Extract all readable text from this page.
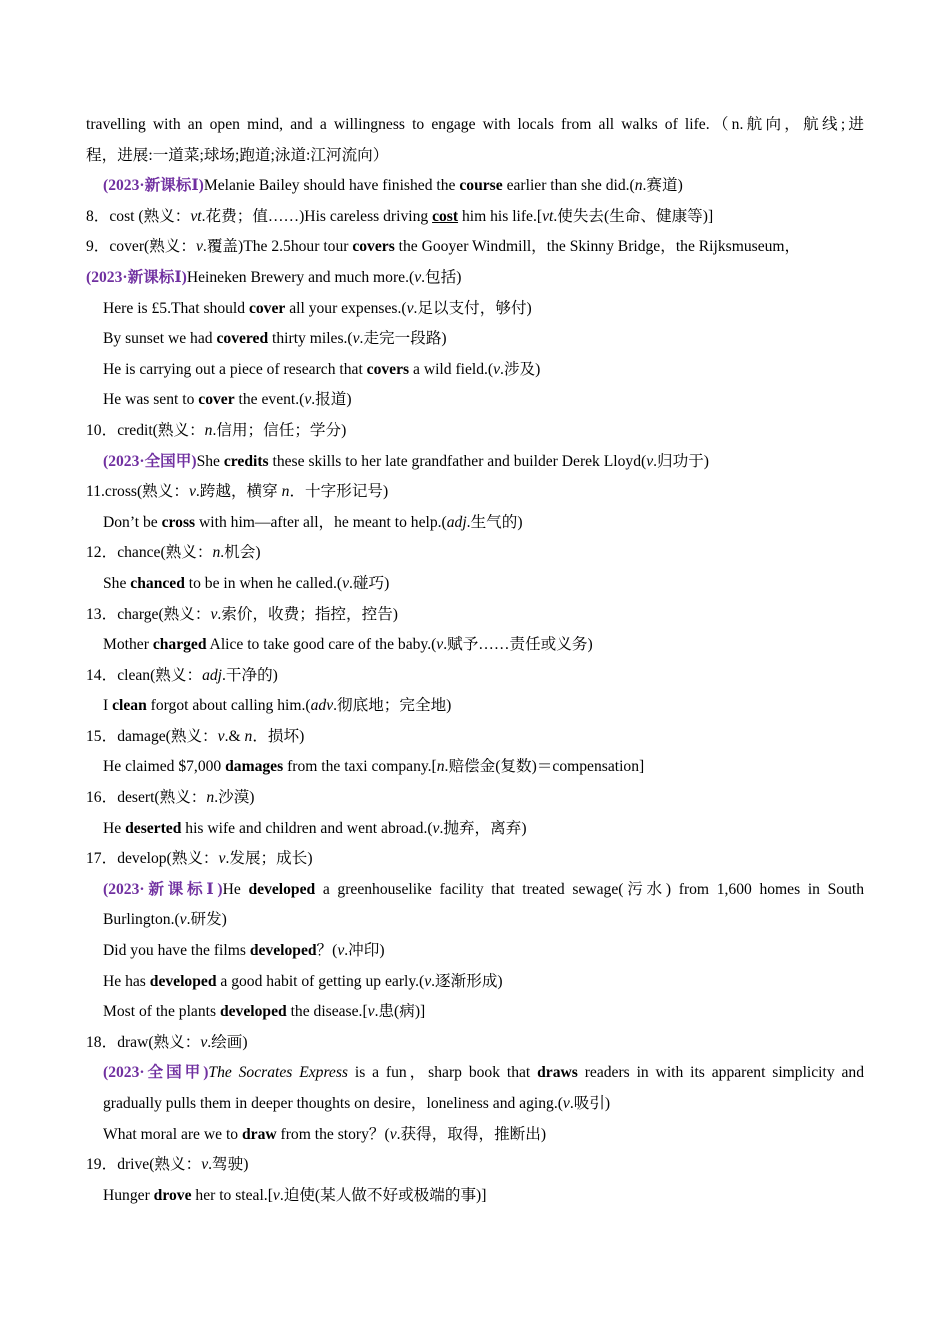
travelling with an open mind, and a willingness to engage with locals from all walks of life.（n.航向，航线;进
程，进展:一道菜;球场;跑道;泳道:江河流向）
(2023·新课标Ⅰ)Melanie Bailey should have finished the course earlier than she did.(n.赛道)
8．cost (熟义：vt.花费；值……)His careless driving cost him his life.[vt.使失去(生命、健康等)]
9．cover(熟义：v.覆盖)The 2.5hour tour covers the Gooyer Windmill，the Skinny Bridge，the Rijksmuseum，
(2023·新课标Ⅰ)Heineken Brewery and much more.(v.包括)
Here is £5.That should cover all your expenses.(v.足以支付，够付)
By sunset we had covered thirty miles.(v.走完一段路)
He is carrying out a piece of research that covers a wild field.(v.涉及)
He was sent to cover the event.(v.报道)
10．credit(熟义：n.信用；信任；学分)
(2023·全国甲)She credits these skills to her late grandfather and builder Derek Lloyd(v.归功于)
11.cross(熟义：v.跨越，横穿 n．十字形记号)
Don’t be cross with him—after all，he meant to help.(adj.生气的)
12．chance(熟义：n.机会)
She chanced to be in when he called.(v.碰巧)
13．charge(熟义：v.索价，收费；指控，控告)
Mother charged Alice to take good care of the baby.(v.赋予……责任或义务)
14．clean(熟义：adj.干净的)
I clean forgot about calling him.(adv.彻底地；完全地)
15．damage(熟义：v.& n．损坏)
He claimed $7,000 damages from the taxi company.[n.赔偿金(复数)＝compensation]
16．desert(熟义：n.沙漠)
He deserted his wife and children and went abroad.(v.抛弃，离弃)
17．develop(熟义：v.发展；成长)
(2023·新课标Ⅰ)He developed a greenhouselike facility that treated sewage(污水) from 1,600 homes in South
Burlington.(v.研发)
Did you have the films developed？(v.冲印)
He has developed a good habit of getting up early.(v.逐渐形成)
Most of the plants developed the disease.[v.患(病)]
18．draw(熟义：v.绘画)
(2023·全国甲)The Socrates Express is a fun，sharp book that draws readers in with its apparent simplicity and
gradually pulls them in deeper thoughts on desire，loneliness and aging.(v.吸引)
What moral are we to draw from the story？(v.获得，取得，推断出)
19．drive(熟义：v.驾驶)
Hunger drove her to steal.[v.迫使(某人做不好或极端的事)]
